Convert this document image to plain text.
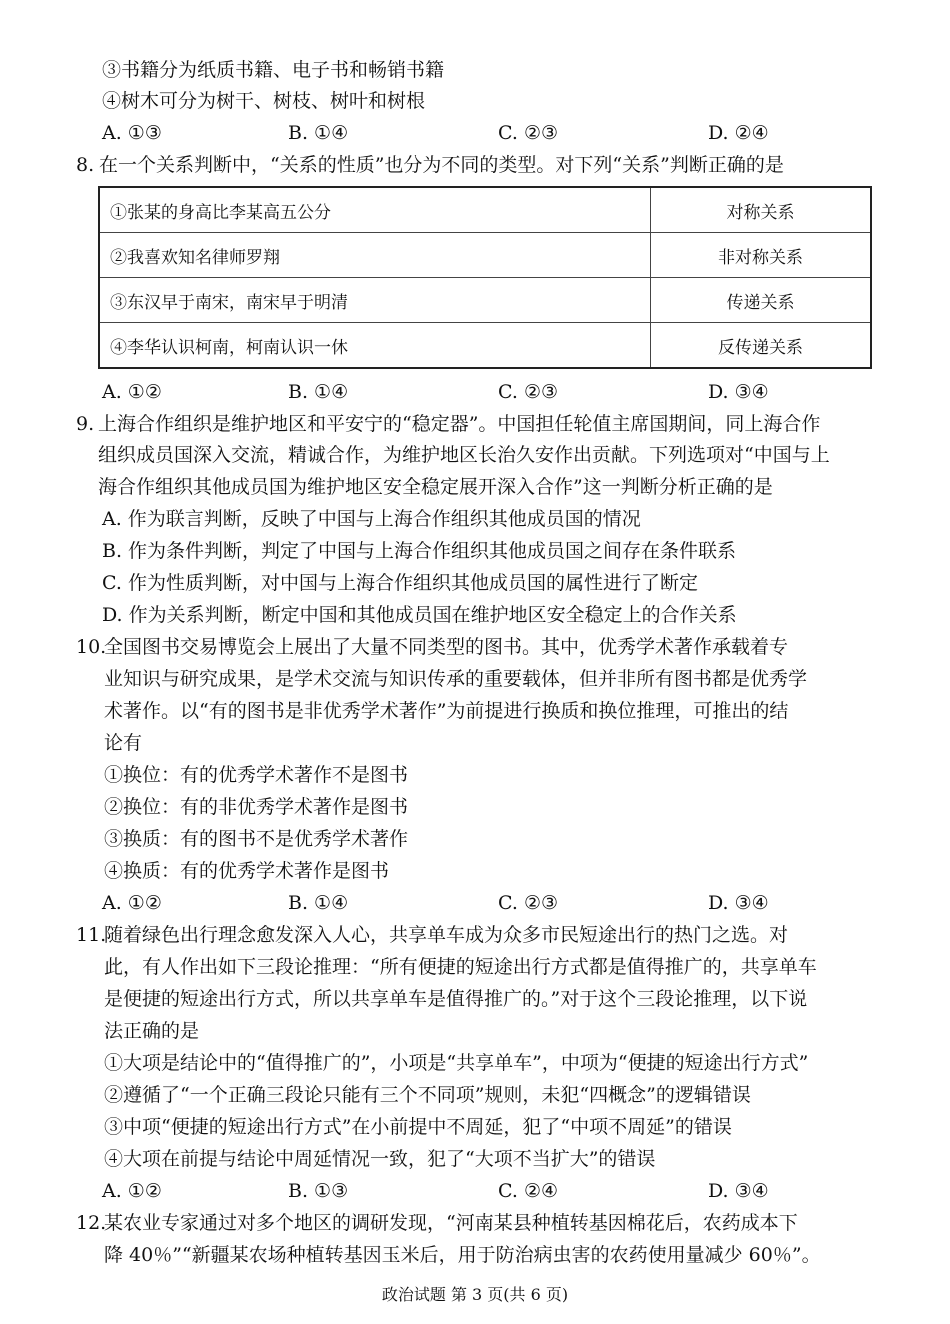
③书籍分为纸质书籍、电子书和畅销书籍
④树木可分为树干、树枝、树叶和树根
A. ①③	B. ①④	C. ②③	D. ②④
8. 在一个关系判断中，“关系的性质”也分为不同的类型。对下列“关系”判断正确的是
①张某的身高比李某高五公分	对称关系
②我喜欢知名律师罗翔	非对称关系
③东汉早于南宋，南宋早于明清	传递关系
④李华认识柯南，柯南认识一休	反传递关系
A. ①②	B. ①④	C. ②③	D. ③④
9. 上海合作组织是维护地区和平安宁的“稳定器”。中国担任轮值主席国期间，同上海合作
组织成员国深入交流，精诚合作，为维护地区长治久安作出贡献。下列选项对“中国与上
海合作组织其他成员国为维护地区安全稳定展开深入合作”这一判断分析正确的是
A. 作为联言判断，反映了中国与上海合作组织其他成员国的情况
B. 作为条件判断，判定了中国与上海合作组织其他成员国之间存在条件联系
C. 作为性质判断，对中国与上海合作组织其他成员国的属性进行了断定
D. 作为关系判断，断定中国和其他成员国在维护地区安全稳定上的合作关系
10.
全国图书交易博览会上展出了大量不同类型的图书。其中，优秀学术著作承载着专
业知识与研究成果，是学术交流与知识传承的重要载体，但并非所有图书都是优秀学
术著作。以“有的图书是非优秀学术著作”为前提进行换质和换位推理，可推出的结
论有
①换位：有的优秀学术著作不是图书
②换位：有的非优秀学术著作是图书
③换质：有的图书不是优秀学术著作
④换质：有的优秀学术著作是图书
A. ①②	B. ①④	C. ②③	D. ③④
11.
随着绿色出行理念愈发深入人心，共享单车成为众多市民短途出行的热门之选。对
此，有人作出如下三段论推理：“所有便捷的短途出行方式都是值得推广的，共享单车
是便捷的短途出行方式，所以共享单车是值得推广的。”对于这个三段论推理，以下说
法正确的是
①大项是结论中的“值得推广的”，小项是“共享单车”，中项为“便捷的短途出行方式”
②遵循了“一个正确三段论只能有三个不同项”规则，未犯“四概念”的逻辑错误
③中项“便捷的短途出行方式”在小前提中不周延，犯了“中项不周延”的错误
④大项在前提与结论中周延情况一致，犯了“大项不当扩大”的错误
A. ①②	B. ①③	C. ②④	D. ③④
12.
某农业专家通过对多个地区的调研发现，“河南某县种植转基因棉花后，农药成本下
降 40％”“新疆某农场种植转基因玉米后，用于防治病虫害的农药使用量减少 60％”。
政治试题 第 3 页(共 6 页)
